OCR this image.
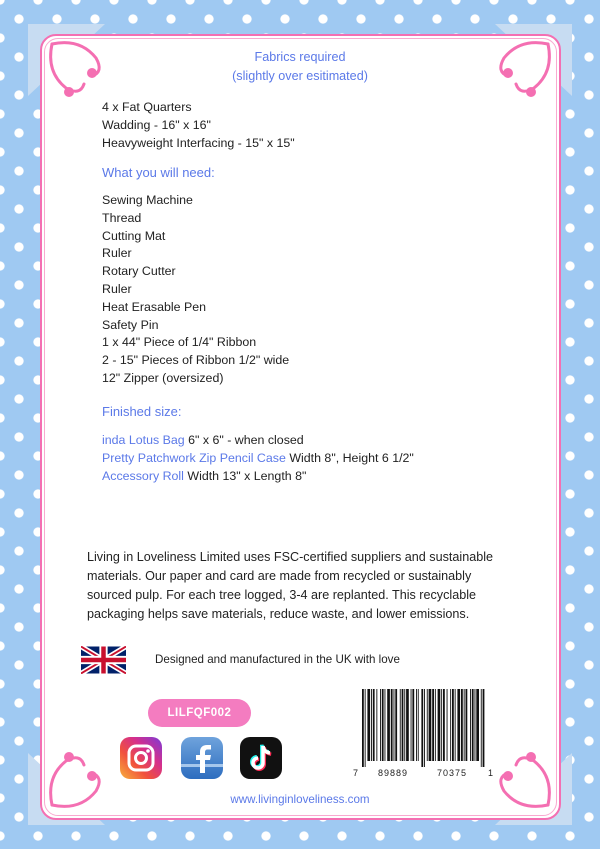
Fabrics required
(slightly over esitimated)
4 x Fat Quarters
Wadding - 16" x 16"
Heavyweight Interfacing - 15" x 15"
What you will need:
Sewing Machine
Thread
Cutting Mat
Ruler
Rotary Cutter
Ruler
Heat Erasable Pen
Safety Pin
1 x 44" Piece of 1/4" Ribbon
2 - 15" Pieces of Ribbon 1/2" wide
12" Zipper (oversized)
Finished size:
inda Lotus Bag 6" x 6" - when closed
Pretty Patchwork Zip Pencil Case Width 8", Height 6 1/2"
Accessory Roll Width 13" x Length 8"
Living in Loveliness Limited uses FSC-certified suppliers and sustainable materials. Our paper and card are made from recycled or sustainably sourced pulp. For each tree logged, 3-4 are replanted. This recyclable packaging helps save materials, reduce waste, and lower emissions.
Designed and manufactured in the UK with love
LILFQF002
7 89889	70375 1
www.livinginloveliness.com
